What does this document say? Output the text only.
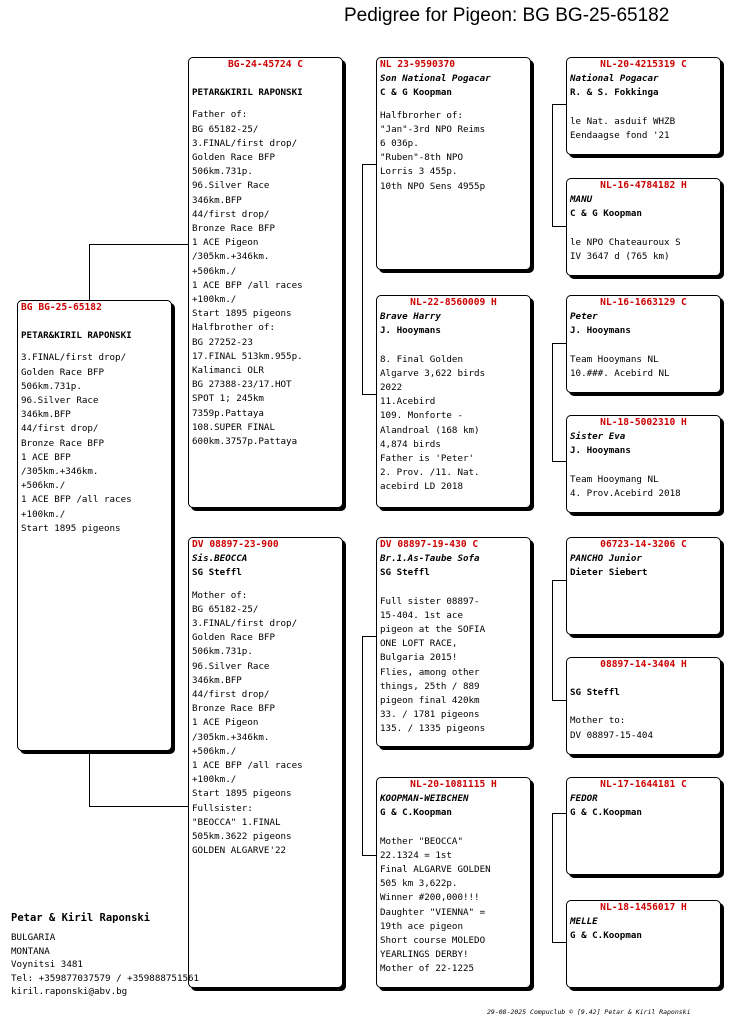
Pedigree for Pigeon: BG BG-25-65182
BG BG-25-65182
PETAR&KIRIL RAPONSKI
3.FINAL/first drop/
Golden Race BFP
506km.731p.
96.Silver Race
346km.BFP
44/first drop/
Bronze Race BFP
1 ACE BFP
/305km.+346km.
+506km./
1 ACE BFP /all races
+100km./
Start 1895 pigeons
BG-24-45724 C
PETAR&KIRIL RAPONSKI
Father of:
BG 65182-25/
3.FINAL/first drop/
Golden Race BFP
506km.731p.
96.Silver Race
346km.BFP
44/first drop/
Bronze Race BFP
1 ACE Pigeon
/305km.+346km.
+506km./
1 ACE BFP /all races
+100km./
Start 1895 pigeons
Halfbrother of:
BG 27252-23
17.FINAL 513km.955p.
Kalimanci OLR
BG 27388-23/17.HOT
SPOT 1; 245km
7359p.Pattaya
108.SUPER FINAL
600km.3757p.Pattaya
DV 08897-23-900
Sis.BEOCCA
SG Steffl
Mother of:
BG 65182-25/
3.FINAL/first drop/
Golden Race BFP
506km.731p.
96.Silver Race
346km.BFP
44/first drop/
Bronze Race BFP
1 ACE Pigeon
/305km.+346km.
+506km./
1 ACE BFP /all races
+100km./
Start 1895 pigeons
Fullsister:
"BEOCCA" 1.FINAL
505km.3622 pigeons
GOLDEN ALGARVE'22
NL 23-9590370
Son National Pogacar
C & G Koopman
Halfbrorher of:
"Jan"-3rd NPO Reims
6 036p.
"Ruben"-8th NPO
Lorris 3 455p.
10th NPO Sens 4955p
NL-22-8560009 H
Brave Harry
J. Hooymans
8. Final Golden
Algarve 3,622 birds
2022
11.Acebird
109. Monforte -
Alandroal (168 km)
4,874 birds
Father is 'Peter'
2. Prov. /11. Nat.
acebird LD 2018
DV 08897-19-430 C
Br.1.As-Taube Sofa
SG Steffl
Full sister 08897-
15-404. 1st ace
pigeon at the SOFIA
ONE LOFT RACE,
Bulgaria 2015!
Flies, among other
things, 25th / 889
pigeon final 420km
33. / 1781 pigeons
135. / 1335 pigeons
NL-20-1081115 H
KOOPMAN-WEIBCHEN
G & C.Koopman
Mother "BEOCCA"
22.1324 = 1st
Final ALGARVE GOLDEN
505 km 3,622p.
Winner #200,000!!!
Daughter "VIENNA" =
19th ace pigeon
Short course MOLEDO
YEARLINGS DERBY!
Mother of 22-1225
NL-20-4215319 C
National Pogacar
R. & S. Fokkinga
le Nat. asduif WHZB
Eendaagse fond '21
NL-16-4784182 H
MANU
C & G Koopman
le NPO Chateauroux S
IV 3647 d (765 km)
NL-16-1663129 C
Peter
J. Hooymans
Team Hooymans NL
10.###. Acebird NL
NL-18-5002310 H
Sister Eva
J. Hooymans
Team Hooymang NL
4. Prov.Acebird 2018
06723-14-3206 C
PANCHO Junior
Dieter Siebert
08897-14-3404 H
SG Steffl
Mother to:
DV 08897-15-404
NL-17-1644181 C
FEDOR
G & C.Koopman
NL-18-1456017 H
MELLE
G & C.Koopman
Petar & Kiril Raponski
BULGARIA
MONTANA
Voynitsi 3481
Tel: +359877037579 / +359888751561
kiril.raponski@abv.bg
29-08-2025 Compuclub © [9.42] Petar & Kiril Raponski
